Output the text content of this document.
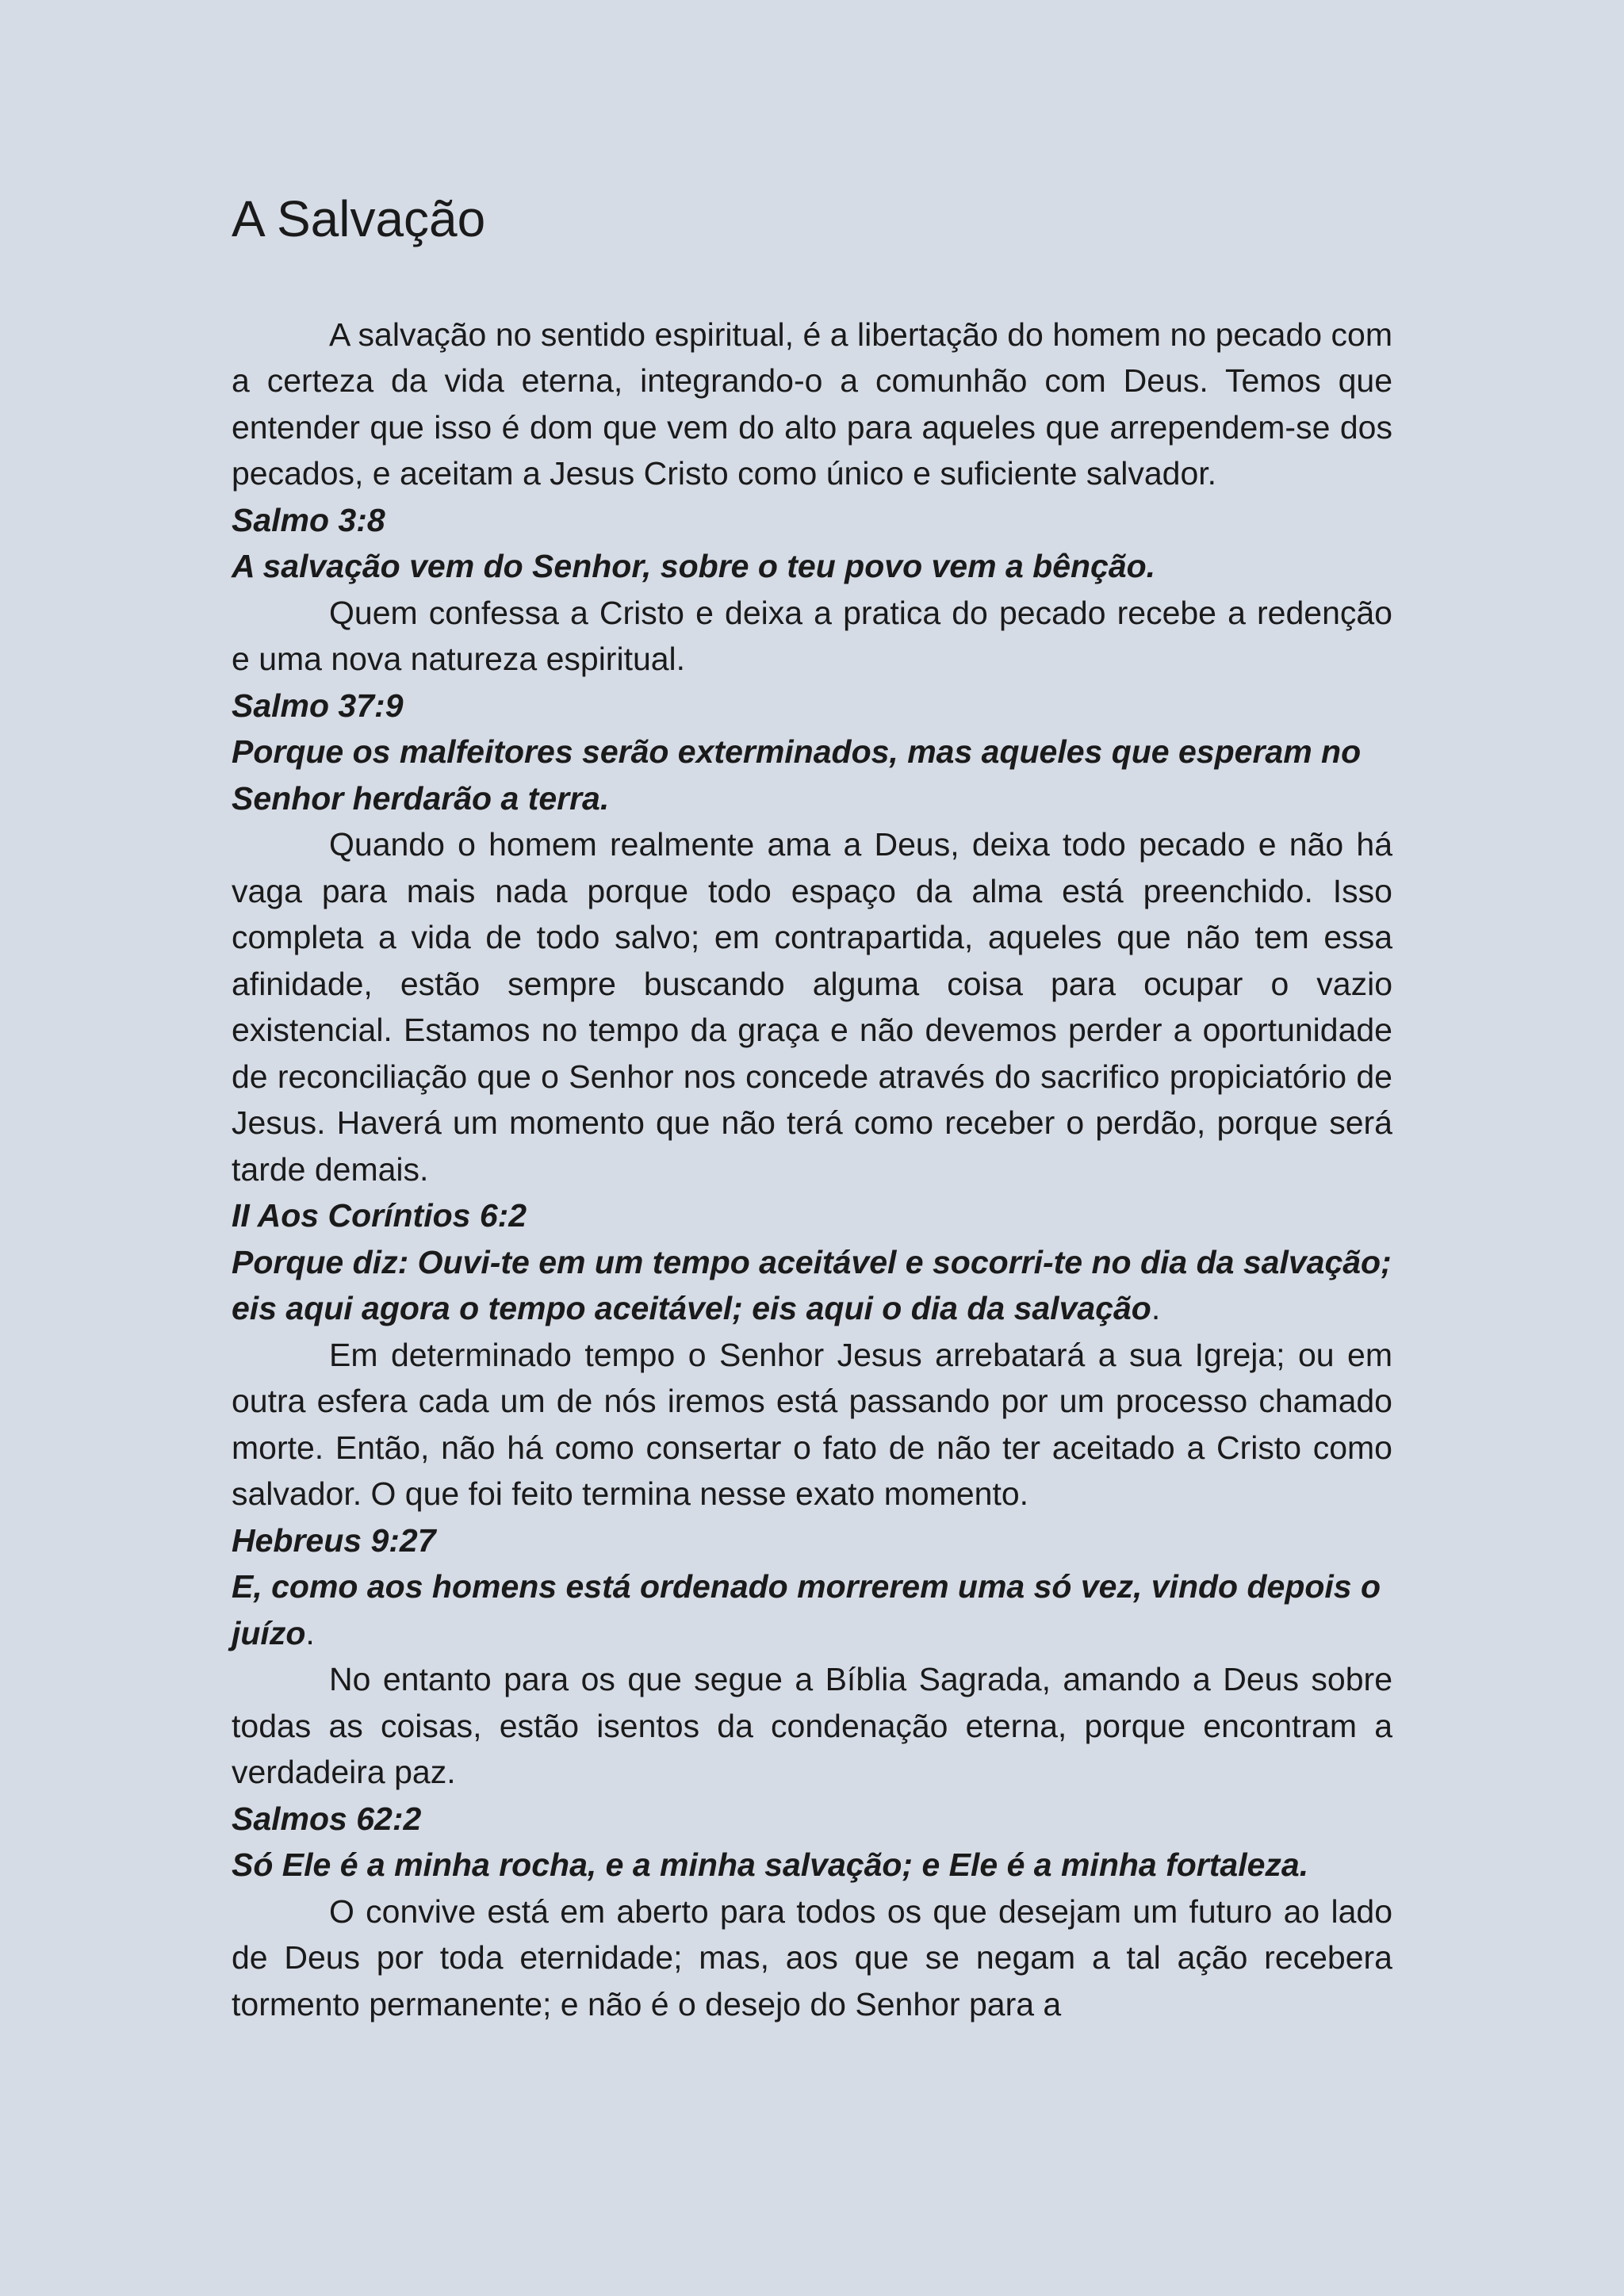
A Salvação

A salvação no sentido espiritual, é a libertação do homem no pecado com a certeza da vida eterna, integrando-o a comunhão com Deus. Temos que entender que isso é dom que vem do alto para aqueles que arrependem-se dos pecados, e aceitam a Jesus Cristo como único e suficiente salvador.

Salmo 3:8

A salvação vem do Senhor, sobre o teu povo vem a bênção.

Quem confessa a Cristo e deixa a pratica do pecado recebe a redenção e uma nova natureza espiritual.

Salmo 37:9

Porque os malfeitores serão exterminados, mas aqueles que esperam no Senhor herdarão a terra.

Quando o homem realmente ama a Deus, deixa todo pecado e não há vaga para mais nada porque todo espaço da alma está preenchido. Isso completa a vida de todo salvo; em contrapartida, aqueles que não tem essa afinidade, estão sempre buscando alguma coisa para ocupar o vazio existencial. Estamos no tempo da graça e não devemos perder a oportunidade de reconciliação que o Senhor nos concede através do sacrifico propiciatório de Jesus. Haverá um momento que não terá como receber o perdão, porque será tarde demais.

II Aos Coríntios 6:2

Porque diz: Ouvi-te em um tempo aceitável e socorri-te no dia da salvação; eis aqui agora o tempo aceitável; eis aqui o dia da salvação.

Em determinado tempo o Senhor Jesus arrebatará a sua Igreja; ou em outra esfera cada um de nós iremos está passando por um processo chamado morte. Então, não há como consertar o fato de não ter aceitado a Cristo como salvador. O que foi feito termina nesse exato momento.

Hebreus 9:27

E, como aos homens está ordenado morrerem uma só vez, vindo depois o juízo.

No entanto para os que segue a Bíblia Sagrada, amando a Deus sobre todas as coisas, estão isentos da condenação eterna, porque encontram a verdadeira paz.

Salmos 62:2

Só Ele é a minha rocha, e a minha salvação; e Ele é a minha fortaleza.

O convive está em aberto para todos os que desejam um futuro ao lado de Deus por toda eternidade; mas, aos que se negam a tal ação recebera tormento permanente; e não é o desejo do Senhor para a
